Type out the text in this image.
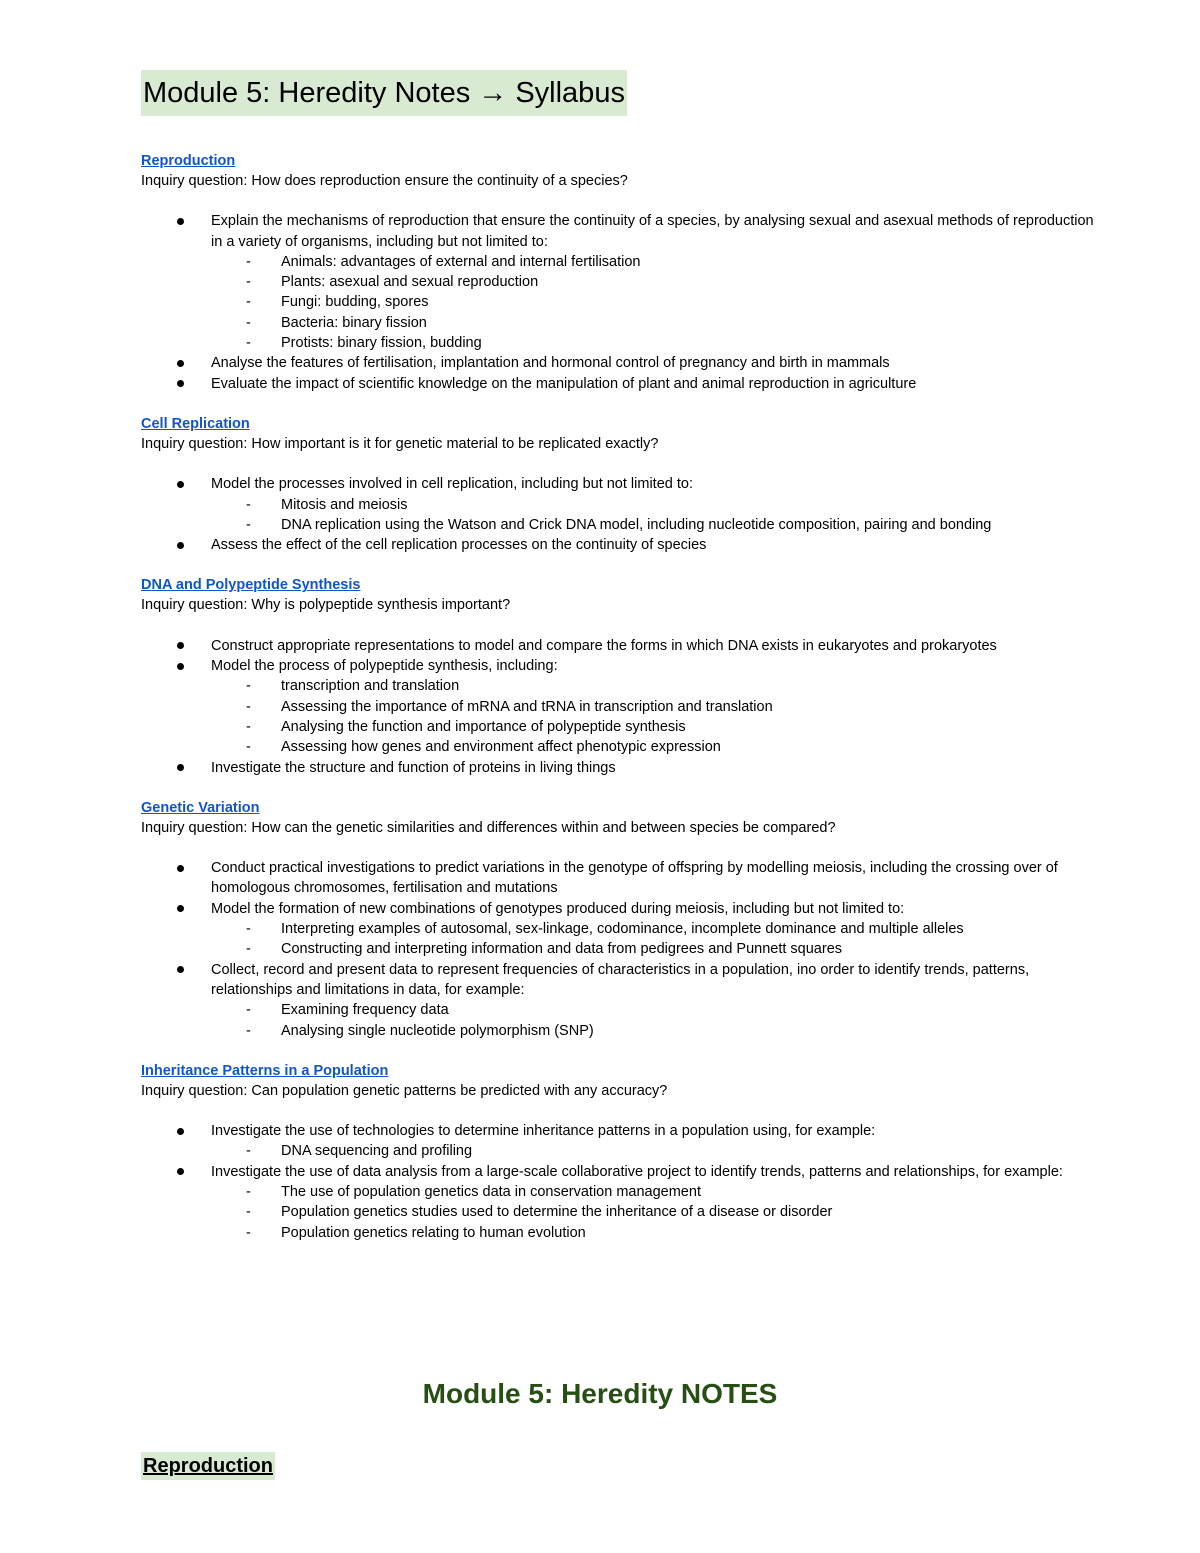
Module 5: Heredity Notes → Syllabus
Reproduction
Inquiry question: How does reproduction ensure the continuity of a species?
Explain the mechanisms of reproduction that ensure the continuity of a species, by analysing sexual and asexual methods of reproduction in a variety of organisms, including but not limited to:
-	Animals: advantages of external and internal fertilisation
-	Plants: asexual and sexual reproduction
-	Fungi: budding, spores
-	Bacteria: binary fission
-	Protists: binary fission, budding
Analyse the features of fertilisation, implantation and hormonal control of pregnancy and birth in mammals
Evaluate the impact of scientific knowledge on the manipulation of plant and animal reproduction in agriculture
Cell Replication
Inquiry question: How important is it for genetic material to be replicated exactly?
Model the processes involved in cell replication, including but not limited to:
-	Mitosis and meiosis
-	DNA replication using the Watson and Crick DNA model, including nucleotide composition, pairing and bonding
Assess the effect of the cell replication processes on the continuity of species
DNA and Polypeptide Synthesis
Inquiry question: Why is polypeptide synthesis important?
Construct appropriate representations to model and compare the forms in which DNA exists in eukaryotes and prokaryotes
Model the process of polypeptide synthesis, including:
-	transcription and translation
-	Assessing the importance of mRNA and tRNA in transcription and translation
-	Analysing the function and importance of polypeptide synthesis
-	Assessing how genes and environment affect phenotypic expression
Investigate the structure and function of proteins in living things
Genetic Variation
Inquiry question: How can the genetic similarities and differences within and between species be compared?
Conduct practical investigations to predict variations in the genotype of offspring by modelling meiosis, including the crossing over of homologous chromosomes, fertilisation and mutations
Model the formation of new combinations of genotypes produced during meiosis, including but not limited to:
-	Interpreting examples of autosomal, sex-linkage, codominance, incomplete dominance and multiple alleles
-	Constructing and interpreting information and data from pedigrees and Punnett squares
Collect, record and present data to represent frequencies of characteristics in a population, ino order to identify trends, patterns, relationships and limitations in data, for example:
-	Examining frequency data
-	Analysing single nucleotide polymorphism (SNP)
Inheritance Patterns in a Population
Inquiry question: Can population genetic patterns be predicted with any accuracy?
Investigate the use of technologies to determine inheritance patterns in a population using, for example:
-	DNA sequencing and profiling
Investigate the use of data analysis from a large-scale collaborative project to identify trends, patterns and relationships, for example:
-	The use of population genetics data in conservation management
-	Population genetics studies used to determine the inheritance of a disease or disorder
-	Population genetics relating to human evolution
Module 5: Heredity NOTES
Reproduction
